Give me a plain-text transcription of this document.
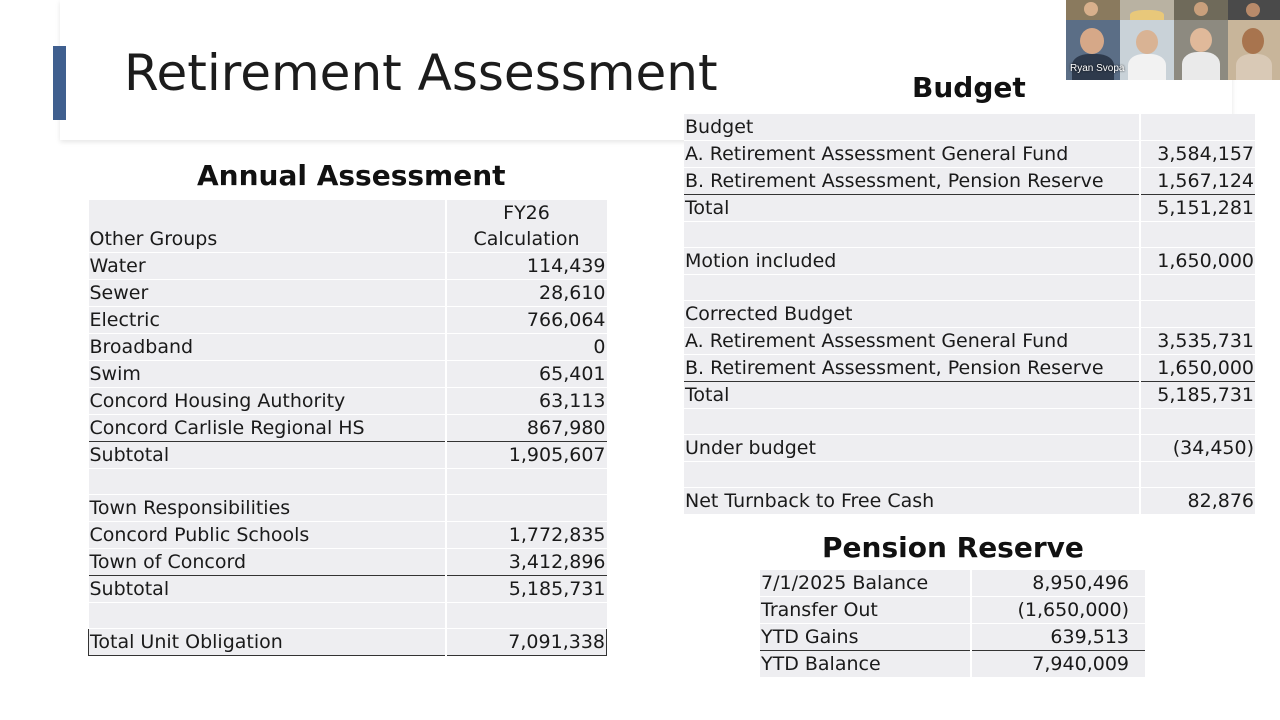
Retirement Assessment
Annual Assessment
Other Groups	FY26 Calculation
Water	114,439
Sewer	28,610
Electric	766,064
Broadband	0
Swim	65,401
Concord Housing Authority	63,113
Concord Carlisle Regional HS	867,980
Subtotal	1,905,607

Town Responsibilities	
Concord Public Schools	1,772,835
Town of Concord	3,412,896
Subtotal	5,185,731

Total Unit Obligation	7,091,338
Budget
Budget	
A. Retirement Assessment General Fund	3,584,157
B. Retirement Assessment, Pension Reserve	1,567,124
Total	5,151,281

Motion included	1,650,000

Corrected Budget	
A. Retirement Assessment General Fund	3,535,731
B. Retirement Assessment, Pension Reserve	1,650,000
Total	5,185,731

Under budget	(34,450)

Net Turnback to Free Cash	82,876
Pension Reserve
7/1/2025 Balance	8,950,496
Transfer Out	(1,650,000)
YTD Gains	639,513
YTD Balance	7,940,009
Ryan Svopa
